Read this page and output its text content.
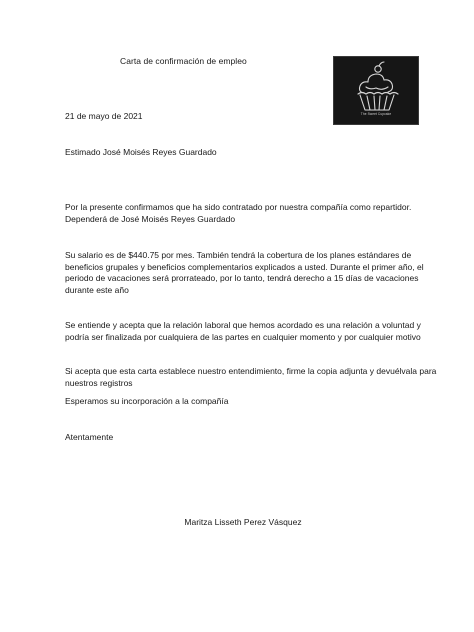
Carta de confirmación de empleo
The Sweet Cupcake
21 de mayo de 2021
Estimado José Moisés Reyes Guardado
Por la presente confirmamos que ha sido contratado por nuestra compañía como repartidor.
Dependerá de José Moisés Reyes Guardado
Su salario es de $440.75 por mes. También tendrá la cobertura de los planes estándares de
beneficios grupales y beneficios complementarios explicados a usted. Durante el primer año, el
periodo de vacaciones será prorrateado, por lo tanto, tendrá derecho a 15 días de vacaciones
durante este año
Se entiende y acepta que la relación laboral que hemos acordado es una relación a voluntad y
podría ser finalizada por cualquiera de las partes en cualquier momento y por cualquier motivo
Si acepta que esta carta establece nuestro entendimiento, firme la copia adjunta y devuélvala para
nuestros registros
Esperamos su incorporación a la compañía
Atentamente
Maritza Lisseth Perez Vásquez
